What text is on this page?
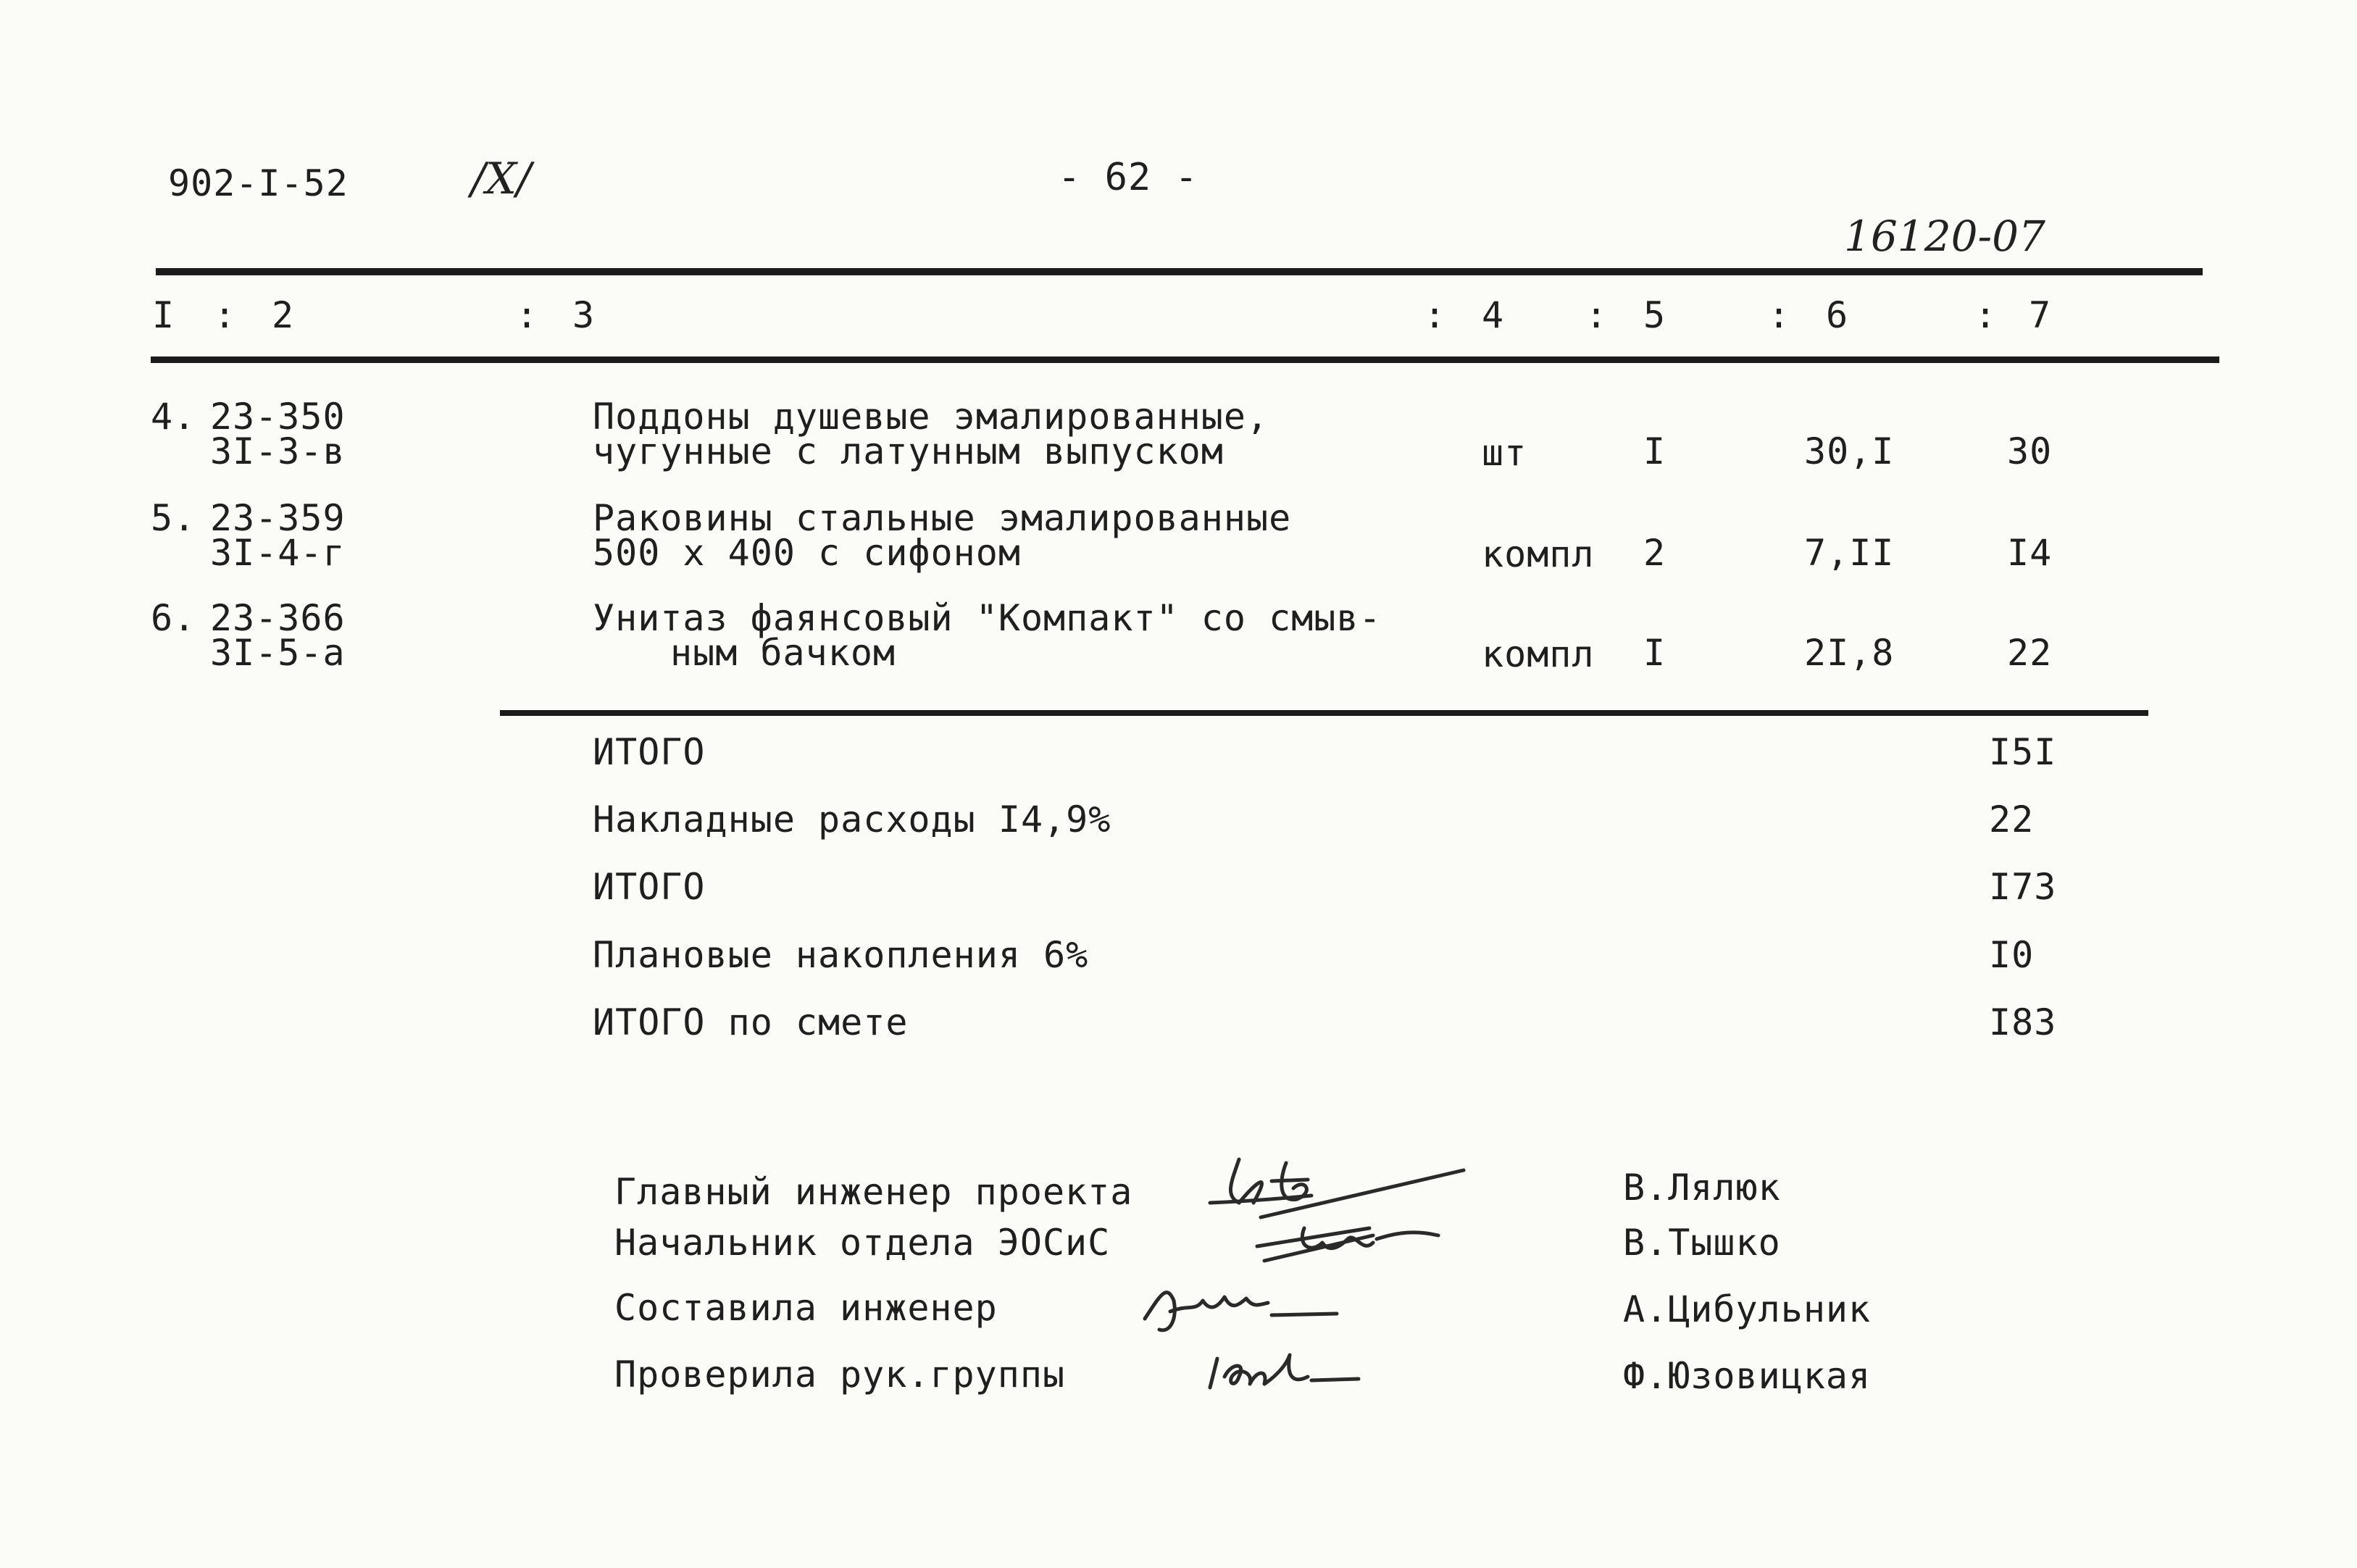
902-I-52	/X/	- 62 -
16120-07
I : 2	: 3	: 4 : 5	: 6	: 7
4. 23-350
3I-3-в
Поддоны душевые эмалированные,
чугунные с латунным выпуском	шт	I	30,I	30
5. 23-359
3I-4-г
Раковины стальные эмалированные
500 х 400 с сифоном	компл 2	7,II	I4
6. 23-366
3I-5-а
Унитаз фаянсовый "Компакт" со смыв-
ным бачком	компл I	2I,8	22
ИТОГО	I5I
Накладные расходы I4,9%	22
ИТОГО	I73
Плановые накопления 6%	I0
ИТОГО по смете	I83
Главный инженер проекта	В.Лялюк
Начальник отдела ЭОСиС	В.Тышко
Составила инженер	А.Цибульник
Проверила рук.группы	Ф.Юзовицкая
